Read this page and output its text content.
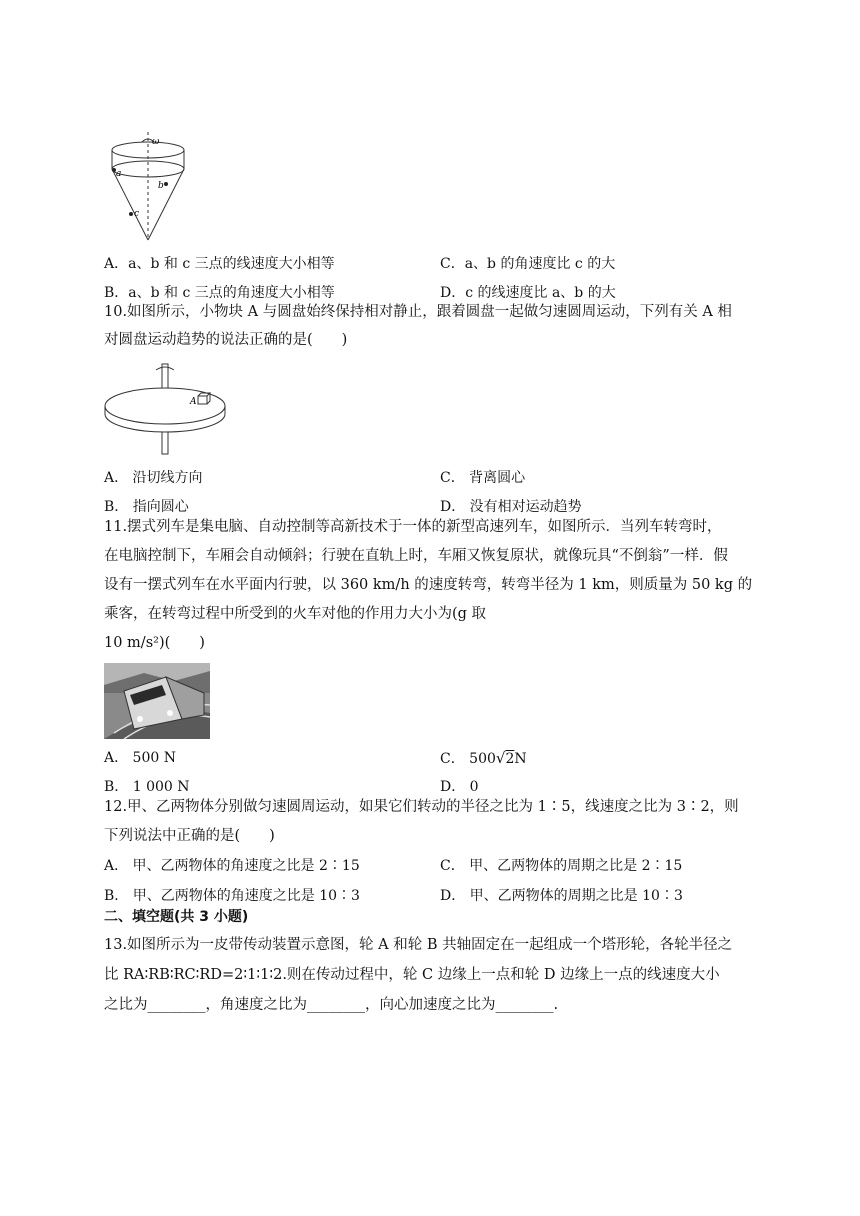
ω
a
b
c
A．a、b 和 c 三点的线速度大小相等	C．a、b 的角速度比 c 的大
B．a、b 和 c 三点的角速度大小相等	D．c 的线速度比 a、b 的大
10.如图所示，小物块 A 与圆盘始终保持相对静止，跟着圆盘一起做匀速圆周运动，下列有关 A 相
对圆盘运动趋势的说法正确的是(　　)
A
A． 沿切线方向	C． 背离圆心
B． 指向圆心	D． 没有相对运动趋势
11.摆式列车是集电脑、自动控制等高新技术于一体的新型高速列车，如图所示．当列车转弯时，
在电脑控制下，车厢会自动倾斜；行驶在直轨上时，车厢又恢复原状，就像玩具“不倒翁”一样．假
设有一摆式列车在水平面内行驶，以 360 km/h 的速度转弯，转弯半径为 1 km，则质量为 50 kg 的
乘客，在转弯过程中所受到的火车对他的作用力大小为(g 取
10 m/s²)(　　)
A． 500 N	C． 500√2N
B． 1 000 N	D． 0
12.甲、乙两物体分别做匀速圆周运动，如果它们转动的半径之比为 1∶5，线速度之比为 3∶2，则
下列说法中正确的是(　　)
A． 甲、乙两物体的角速度之比是 2∶15	C． 甲、乙两物体的周期之比是 2∶15
B． 甲、乙两物体的角速度之比是 10∶3	D． 甲、乙两物体的周期之比是 10∶3
二、填空题(共 3 小题)
13.如图所示为一皮带传动装置示意图，轮 A 和轮 B 共轴固定在一起组成一个塔形轮，各轮半径之
比 RA∶RB∶RC∶RD=2∶1∶1∶2.则在传动过程中，轮 C 边缘上一点和轮 D 边缘上一点的线速度大小
之比为________，角速度之比为________，向心加速度之比为________.
